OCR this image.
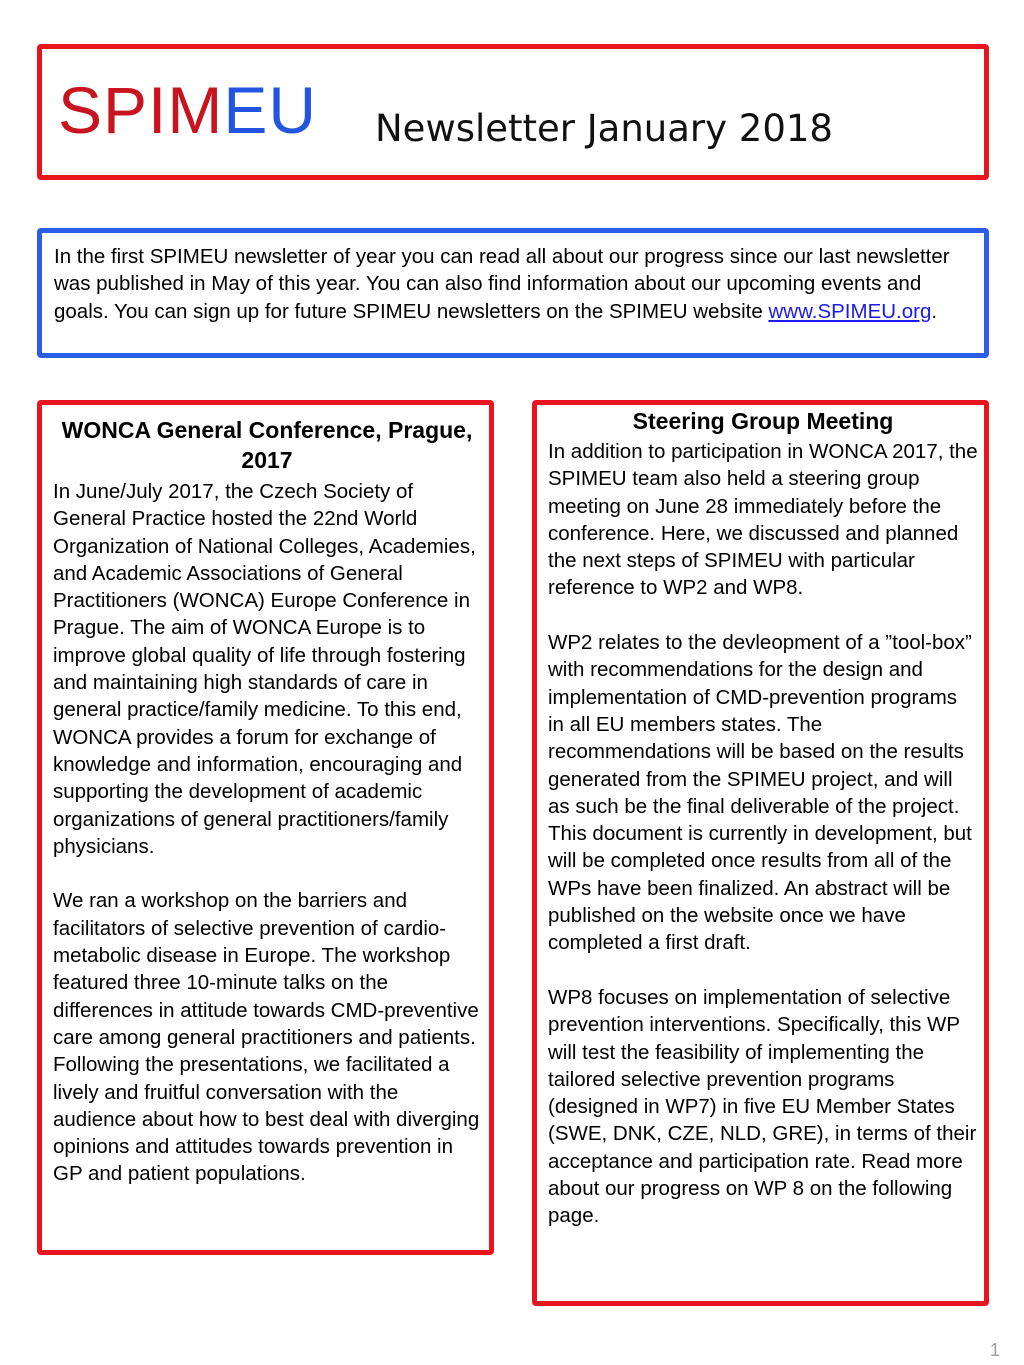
SPIMEU Newsletter January 2018
In the first SPIMEU newsletter of year you can read all about our progress since our last newsletter was published in May of this year. You can also find information about our upcoming events and goals. You can sign up for future SPIMEU newsletters on the SPIMEU website www.SPIMEU.org.
WONCA General Conference, Prague, 2017

In June/July 2017, the Czech Society of General Practice hosted the 22nd World Organization of National Colleges, Academies, and Academic Associations of General Practitioners (WONCA) Europe Conference in Prague. The aim of WONCA Europe is to improve global quality of life through fostering and maintaining high standards of care in general practice/family medicine. To this end, WONCA provides a forum for exchange of knowledge and information, encouraging and supporting the development of academic organizations of general practitioners/family physicians.

We ran a workshop on the barriers and facilitators of selective prevention of cardio-metabolic disease in Europe. The workshop featured three 10-minute talks on the differences in attitude towards CMD-preventive care among general practitioners and patients. Following the presentations, we facilitated a lively and fruitful conversation with the audience about how to best deal with diverging opinions and attitudes towards prevention in GP and patient populations.

Steering Group Meeting

In addition to participation in WONCA 2017, the SPIMEU team also held a steering group meeting on June 28 immediately before the conference. Here, we discussed and planned the next steps of SPIMEU with particular reference to WP2 and WP8.

WP2 relates to the devleopment of a ”tool-box” with recommendations for the design and implementation of CMD-prevention programs in all EU members states. The recommendations will be based on the results generated from the SPIMEU project, and will as such be the final deliverable of the project. This document is currently in development, but will be completed once results from all of the WPs have been finalized. An abstract will be published on the website once we have completed a first draft.

WP8 focuses on implementation of selective prevention interventions. Specifically, this WP will test the feasibility of implementing the tailored selective prevention programs (designed in WP7) in five EU Member States (SWE, DNK, CZE, NLD, GRE), in terms of their acceptance and participation rate. Read more about our progress on WP 8 on the following page.

1
